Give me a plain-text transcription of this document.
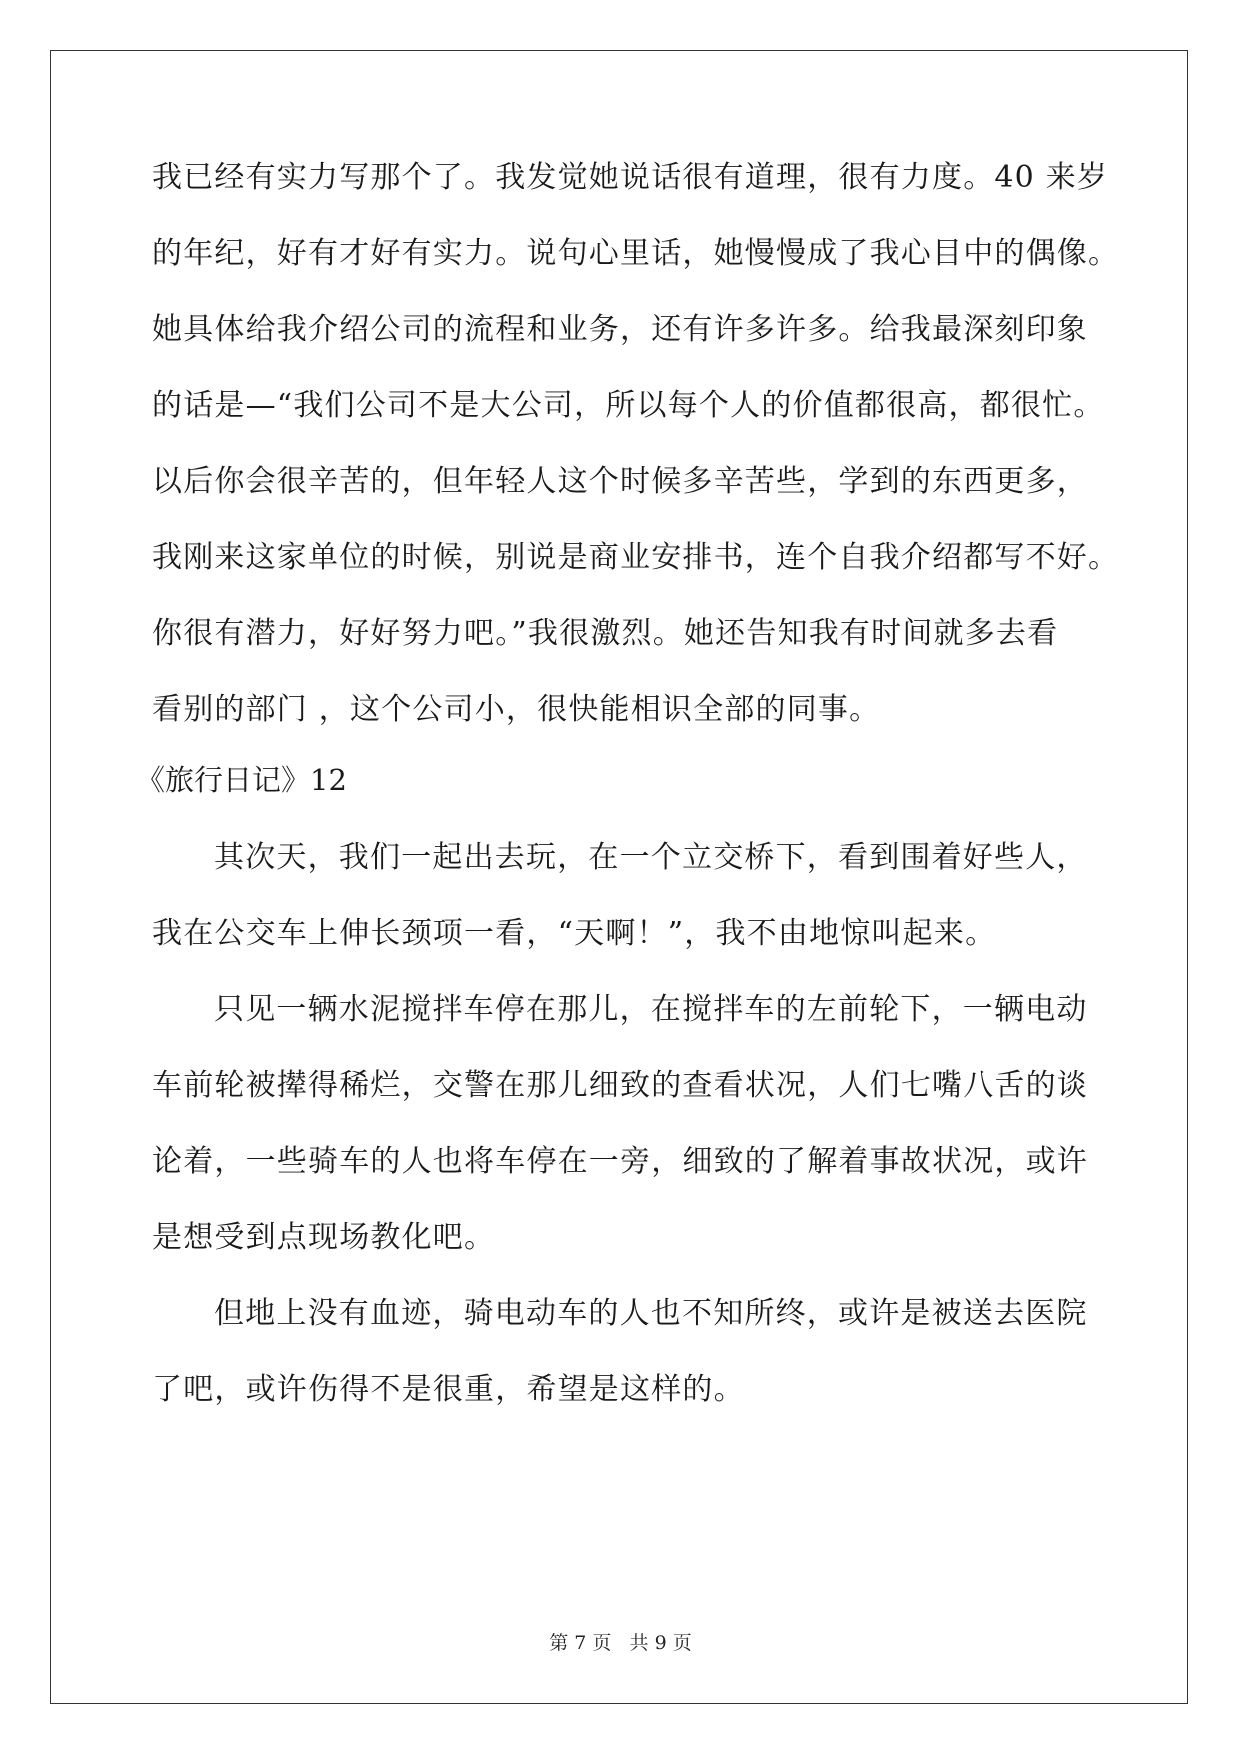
我已经有实力写那个了。我发觉她说话很有道理，很有力度。40 来岁
的年纪，好有才好有实力。说句心里话，她慢慢成了我心目中的偶像。
她具体给我介绍公司的流程和业务，还有许多许多。给我最深刻印象
的话是—“我们公司不是大公司，所以每个人的价值都很高，都很忙。
以后你会很辛苦的，但年轻人这个时候多辛苦些，学到的东西更多，
我刚来这家单位的时候，别说是商业安排书，连个自我介绍都写不好。
你很有潜力，好好努力吧。”我很激烈。她还告知我有时间就多去看
看别的部门 ，这个公司小，很快能相识全部的同事。
《旅行日记》12
其次天，我们一起出去玩，在一个立交桥下，看到围着好些人，
我在公交车上伸长颈项一看，“天啊！”，我不由地惊叫起来。
只见一辆水泥搅拌车停在那儿，在搅拌车的左前轮下，一辆电动
车前轮被撵得稀烂，交警在那儿细致的查看状况，人们七嘴八舌的谈
论着，一些骑车的人也将车停在一旁，细致的了解着事故状况，或许
是想受到点现场教化吧。
但地上没有血迹，骑电动车的人也不知所终，或许是被送去医院
了吧，或许伤得不是很重，希望是这样的。
第 7 页   共 9 页
